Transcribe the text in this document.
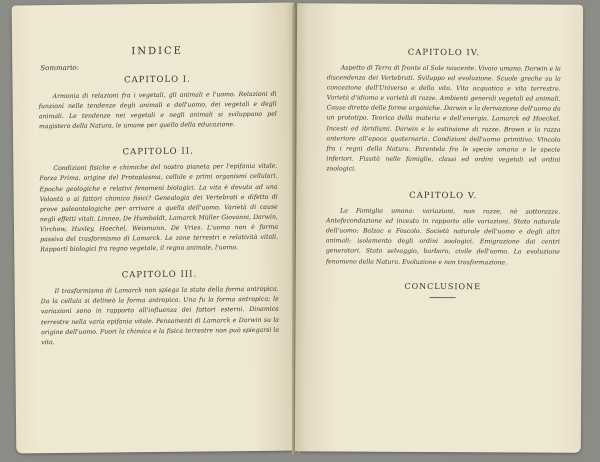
INDICE
Sommario:
CAPITOLO I.

Armonia di relazioni fra i vegetali, gli animali e l'uomo. Relazioni di funzioni nelle tendenze degli animali e dell'uomo, dei vegetali e degli animali. Le tendenze nei vegetali e negli animali si sviluppano pel magistero della Natura, le umane per quello della educazione.

CAPITOLO II.

Condizioni fisiche e chimiche del nostro pianeta per l'epifania vitale. Forza Prima, origine del Protoplasma, cellule e primi organismi cellulari. Epoche geologiche e relativi fenomeni biologici. La vita è dovuta ad una Volontà o ai fattori chimico fisici? Genealogia dei Vertebrati e difetto di prove paleontologiche per arrivare a quella dell'uomo. Varietà di cause negli effetti vitali. Linneo, De Humboldt, Lamarck Müller Giovanni, Darwin, Virchow, Huxley, Hoechel, Weismann, De Vries. L'uomo non è forma passiva del trasformismo di Lamarck. Le zone terrestri e relatività vitali. Rapporti biologici fra regno vegetale, il regno animale, l'uomo.

CAPITOLO III.

Il trasformismo di Lamarck non spiega la stato della forma antropica. Da la cellula si delineò la forma antropica. Una fu la forma antropica; le variazioni sono in rapporto all'influenza dei fattori esterni. Dinamica terrestre nella varia epifania vitale. Pensamenti di Lamarck e Darwin su la origine dell'uomo. Fuori la chimica e la fisica terrestre non può spiegarsi la vita.

CAPITOLO IV.

Aspetto di Terra di fronte al Sole nascente. Vivaio umano. Darwin e la discendenza dei Vertebrati. Sviluppo ed evoluzione. Scuole greche su la concezione dell'Universo e della vita. Vita acquatica e vita terrestre. Varietà d'idioma e varietà di razze. Ambienti generali vegetali ed animali. Cause dirette delle forme organiche. Darwin e la derivazione dell'uomo da un prototipo. Teorica della materia e dell'energia. Lamarck ed Hoeckel. Incesti ed ibridismi. Darwin e la estinsione di razze. Brown e la razza anteriore all'epoca quaternaria. Condizioni dell'uomo primitivo. Vincolo fra i regni della Natura. Parentela fra le specie umana e le specie inferiori. Fissità nelle famiglie, classi ed ordini vegetali ed ordini zoologici.

CAPITOLO V.

La Famiglia umana: variazioni, non razze, nè sottorazze. Antefecondazione ed incesto in rapporto alle variazioni. Stato naturale dell'uomo: Balzac e Foscolo. Società naturale dell'uomo e degli altri animali: isolamento degli ordini zoologici. Emigrazione dai centri generatori. Stato selvaggio, barbaro, civile dell'uomo. La evoluzione fenomeno della Natura. Evoluzione e non trasformazione.

CONCLUSIONE
